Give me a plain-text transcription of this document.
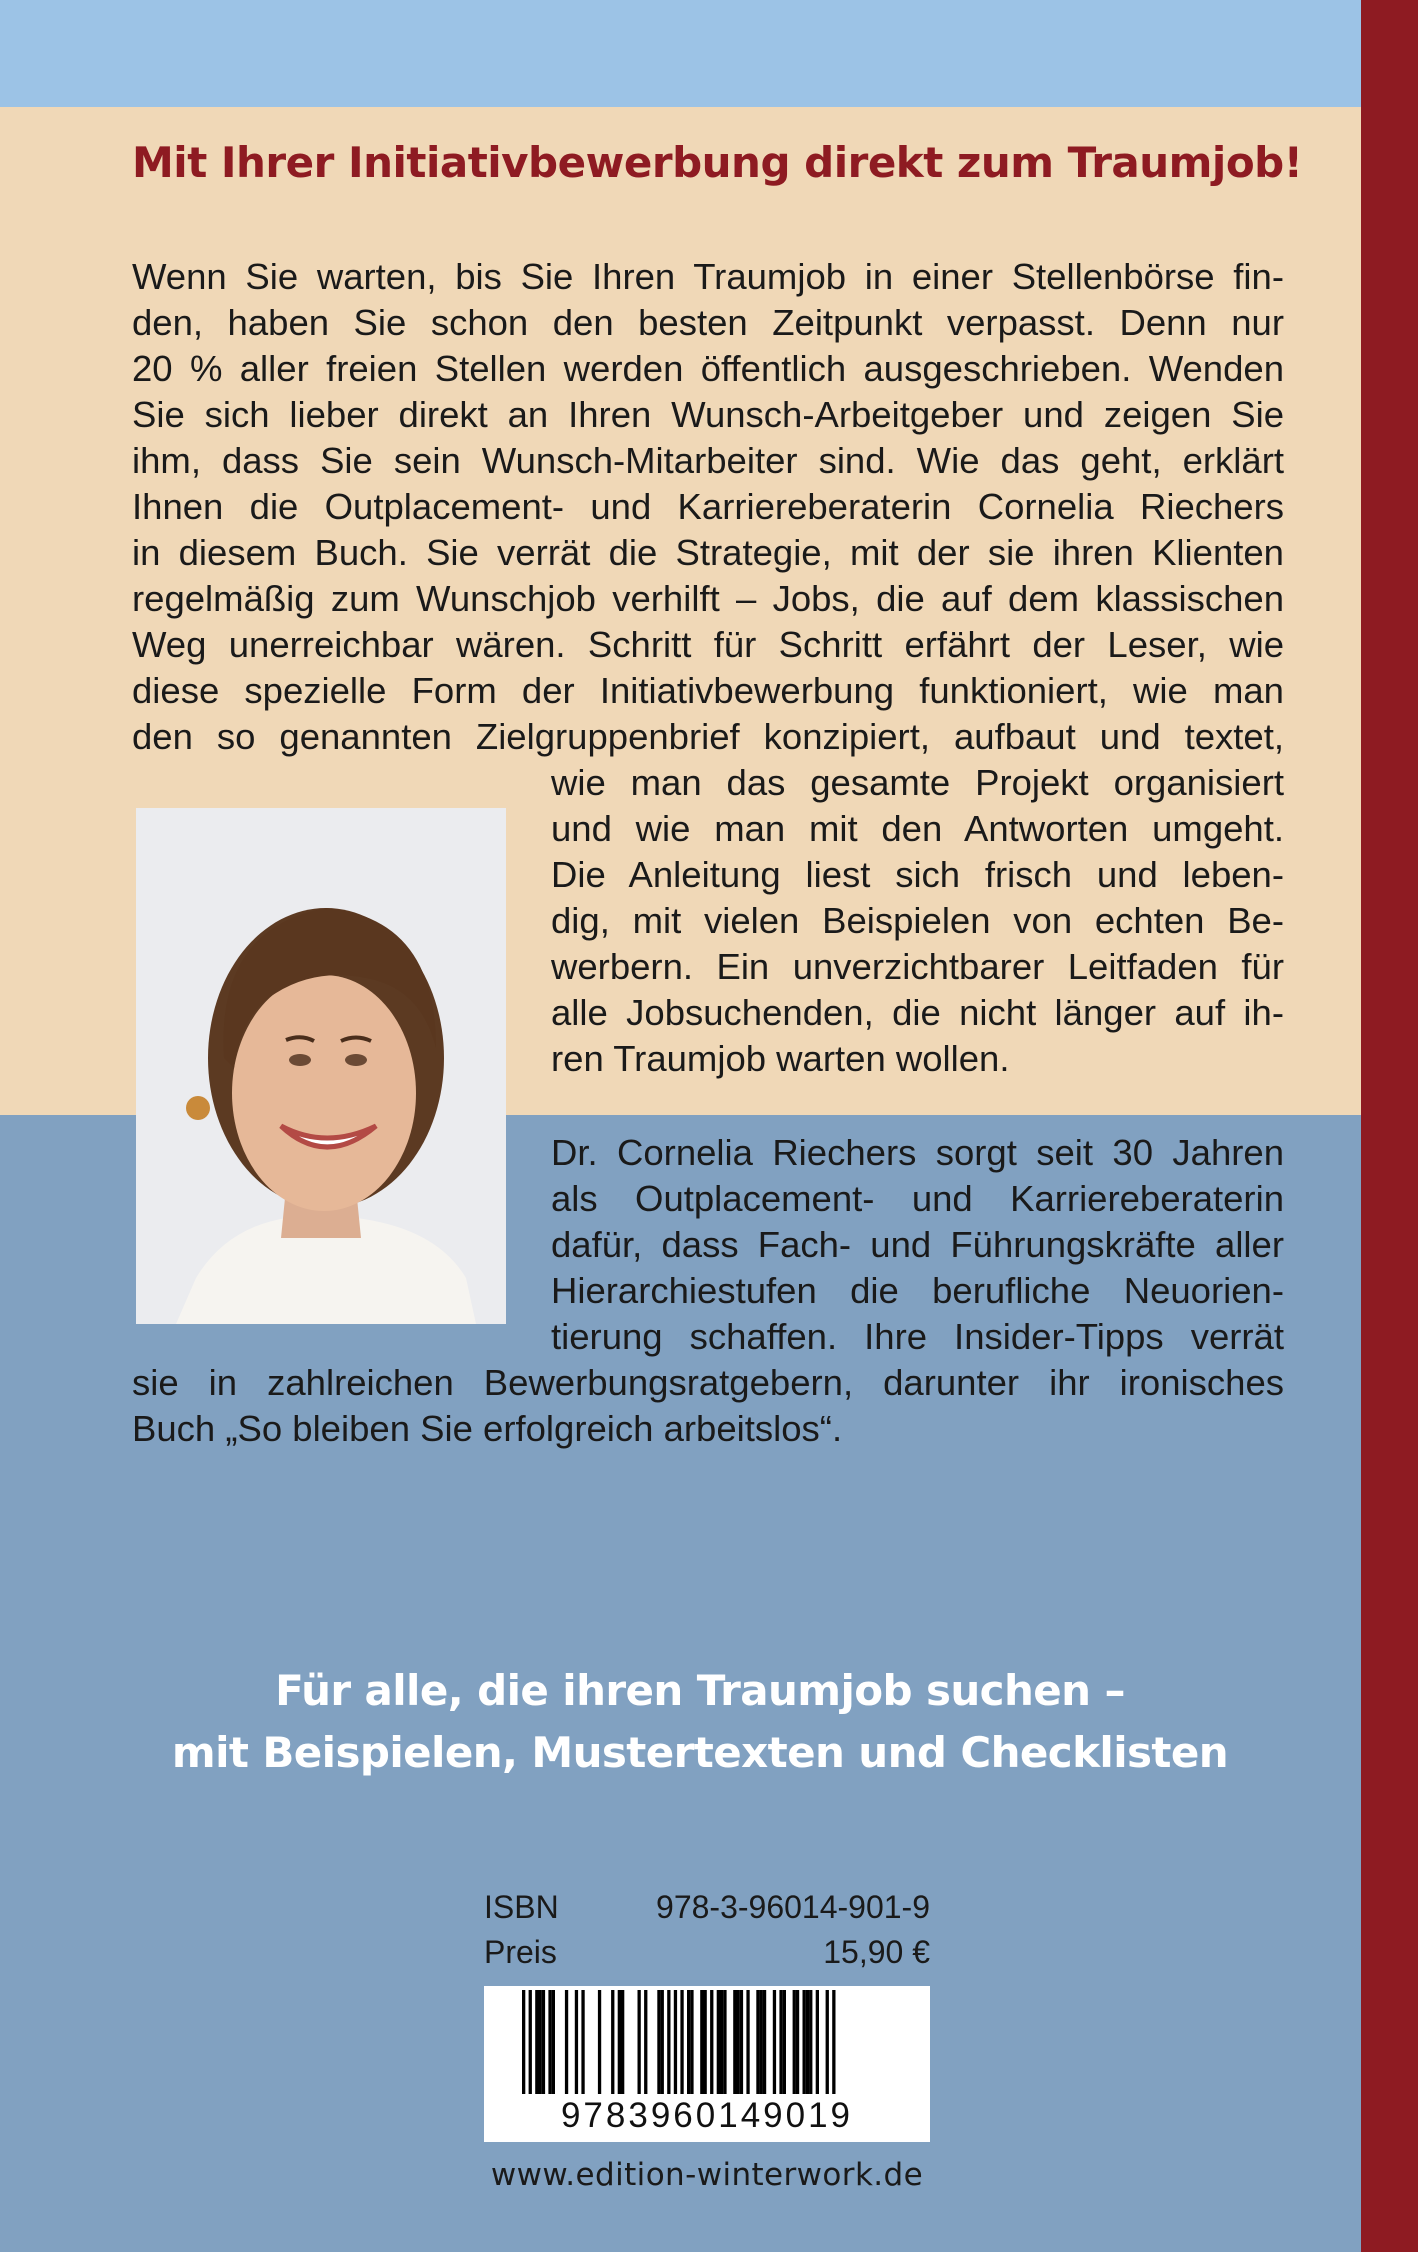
Mit Ihrer Initiativbewerbung direkt zum Traumjob!
Wenn Sie warten, bis Sie Ihren Traumjob in einer Stellenbörse fin-
den, haben Sie schon den besten Zeitpunkt verpasst. Denn nur
20 % aller freien Stellen werden öffentlich ausgeschrieben. Wenden
Sie sich lieber direkt an Ihren Wunsch-Arbeitgeber und zeigen Sie
ihm, dass Sie sein Wunsch-Mitarbeiter sind. Wie das geht, erklärt
Ihnen die Outplacement- und Karriereberaterin Cornelia Riechers
in diesem Buch. Sie verrät die Strategie, mit der sie ihren Klienten
regelmäßig zum Wunschjob verhilft – Jobs, die auf dem klassischen
Weg unerreichbar wären. Schritt für Schritt erfährt der Leser, wie
diese spezielle Form der Initiativbewerbung funktioniert, wie man
den so genannten Zielgruppenbrief konzipiert, aufbaut und textet,
wie man das gesamte Projekt organisiert
und wie man mit den Antworten umgeht.
Die Anleitung liest sich frisch und leben-
dig, mit vielen Beispielen von echten Be-
werbern. Ein unverzichtbarer Leitfaden für
alle Jobsuchenden, die nicht länger auf ih-
ren Traumjob warten wollen.
Dr. Cornelia Riechers sorgt seit 30 Jahren
als Outplacement- und Karriereberaterin
dafür, dass Fach- und Führungskräfte aller
Hierarchiestufen die berufliche Neuorien-
tierung schaffen. Ihre Insider-Tipps verrät
sie in zahlreichen Bewerbungsratgebern, darunter ihr ironisches
Buch „So bleiben Sie erfolgreich arbeitslos“.
Für alle, die ihren Traumjob suchen –
mit Beispielen, Mustertexten und Checklisten
ISBN	978-3-96014-901-9
Preis	15,90 €
9783960149019
www.edition-winterwork.de
